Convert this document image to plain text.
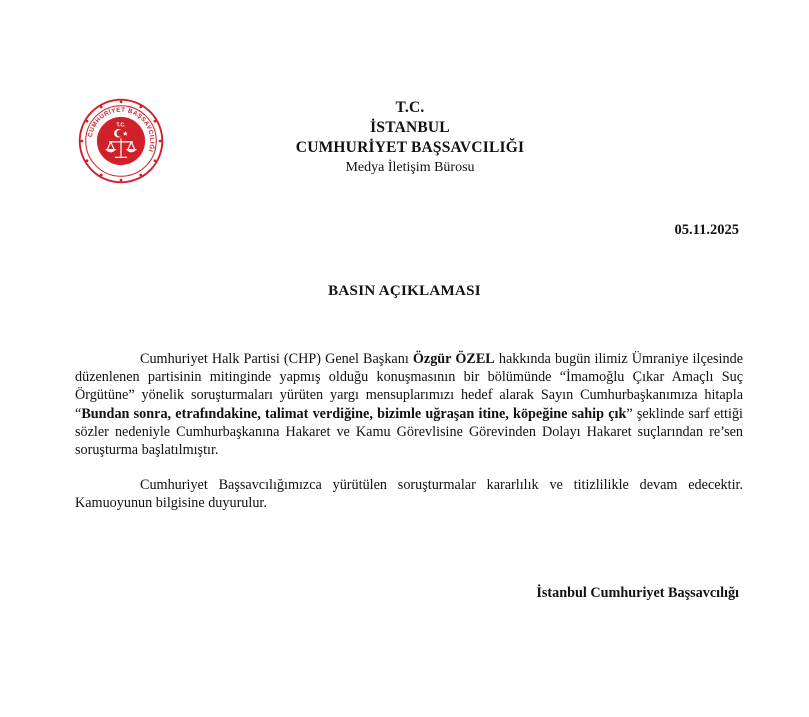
CUMHURİYET BAŞSAVCILIĞI
T.C.
T.C.
İSTANBUL
CUMHURİYET BAŞSAVCILIĞI
Medya İletişim Bürosu
05.11.2025
BASIN AÇIKLAMASI

Cumhuriyet Halk Partisi (CHP) Genel Başkanı Özgür ÖZEL hakkında bugün ilimiz Ümraniye ilçesinde düzenlenen partisinin mitinginde yapmış olduğu konuşmasının bir bölümünde “İmamoğlu Çıkar Amaçlı Suç Örgütüne” yönelik soruşturmaları yürüten yargı mensuplarımızı hedef alarak Sayın Cumhurbaşkanımıza hitapla “Bundan sonra, etrafındakine, talimat verdiğine, bizimle uğraşan itine, köpeğine sahip çık” şeklinde sarf ettiği sözler nedeniyle Cumhurbaşkanına Hakaret ve Kamu Görevlisine Görevinden Dolayı Hakaret suçlarından re’sen soruşturma başlatılmıştır.

Cumhuriyet Başsavcılığımızca yürütülen soruşturmalar kararlılık ve titizlilikle devam edecektir. Kamuoyunun bilgisine duyurulur.

İstanbul Cumhuriyet Başsavcılığı
